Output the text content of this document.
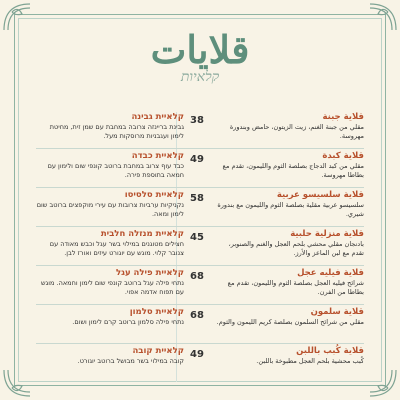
قلايات
קלאיות
קלאיית גבינה
גבינת בריינזה צרובה במחבת עם שמן זית, מחיטת לימון ועגבניות מרוסקות מעל.
38	قلاية جبنة
مقلي من جبنة الغنم، زيت الزيتون، حامض وبندورة مهروسة.
קלאיית כבדה
כבד עוף צרוב במחבת ברוטב קונפי שום ולימון עם חמאה בתוספת פירה.
49	قلاية كبدة
مقلي من كبد الدجاج بصلصة الثوم والليمون، تقدم مع بطاطا مهروسة.
קלאיית סלסיסו
נקניקיות ערביות צרובות עם עירי מוקפצים ברוטב שום לימון ומאה.
58	قلاية سلسيسو عربية
سلسيسو عربية مقلية بصلصة الثوم والليمون مع بندورة شيري.
קלאיית מנזלה חלבית
חצילים מטוגנים במילוי בשר עגל וכבש מאודה עם צנובר קלוי. מוגש עם יוגורט עיזים ואורז לבן.
45	قلاية منزلية حلبية
بادنجان مقلي محشي بلحم العجل والغنم والصنوبر، تقدم مع لبن الماعز والأرز.
קלאיית פילה עגל
נתחי פילה עגל ברוטב קונפי שום לימון וחמאה. מוגש עם תפוח אדמה אפוי.
68	قلاية فيليه عجل
شرائح فيليه العجل بصلصة الثوم والليمون، تقدم مع بطاطا من الفرن.
קלאיית סלמון
נתחי פילה סלמון ברוטב קרם לימון ושום.
68	قلاية سلمون
مقلي من شرائح السلمون بصلصة كريم الليمون والثوم.
קלאיית קובה
קובה במילוי בשר מבושל ברוטב יוגורט.
49	قلاية كُبب باللبن
كُبب محشية بلحم العجل مطبوخة باللبن.
